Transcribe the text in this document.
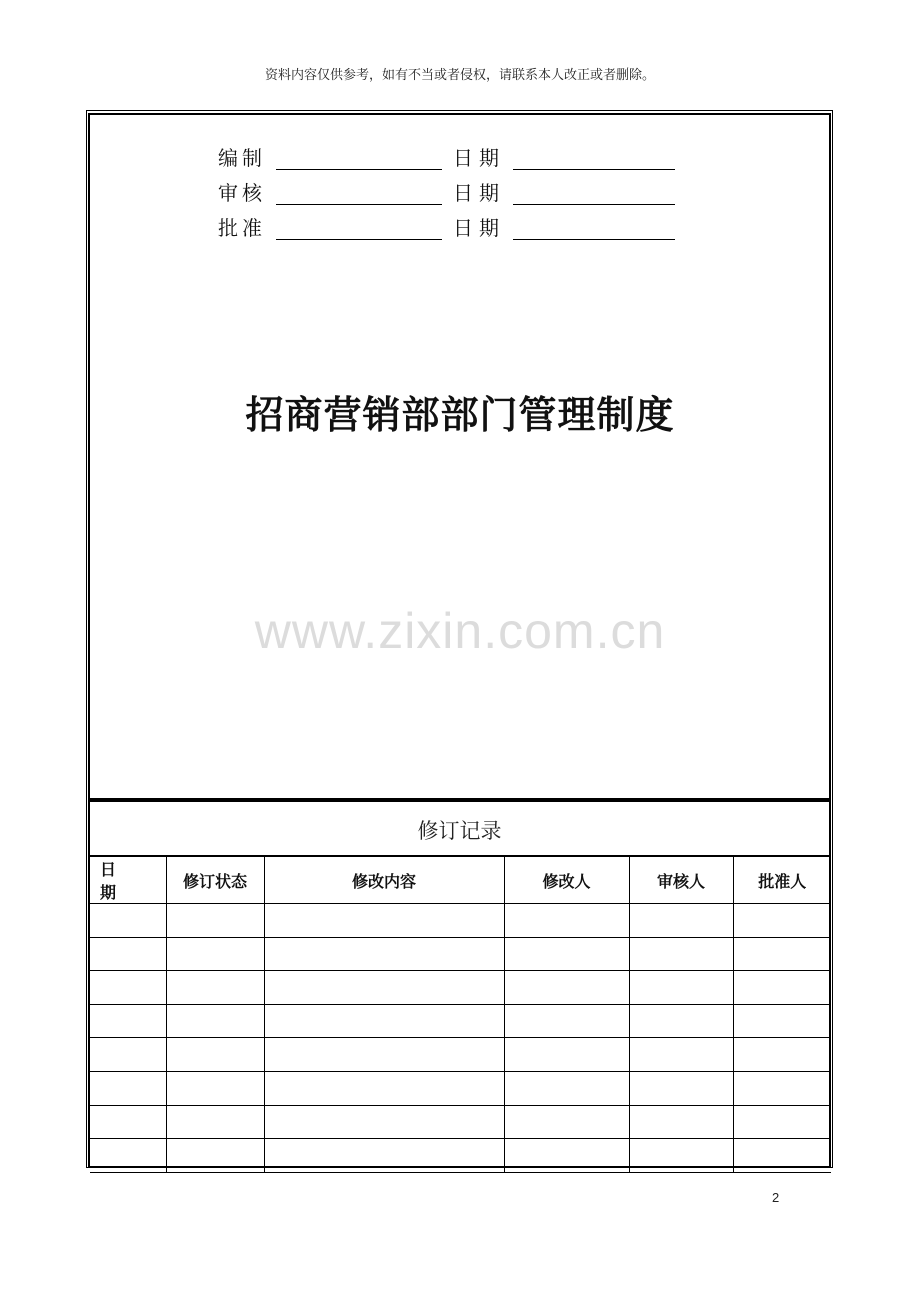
资料内容仅供参考，如有不当或者侵权，请联系本人改正或者删除。
编制	日期
审核	日期
批准	日期
招商营销部部门管理制度
www.zixin.com.cn
修订记录
日　期	修订状态	修改内容	修改人	审核人	批准人

2
